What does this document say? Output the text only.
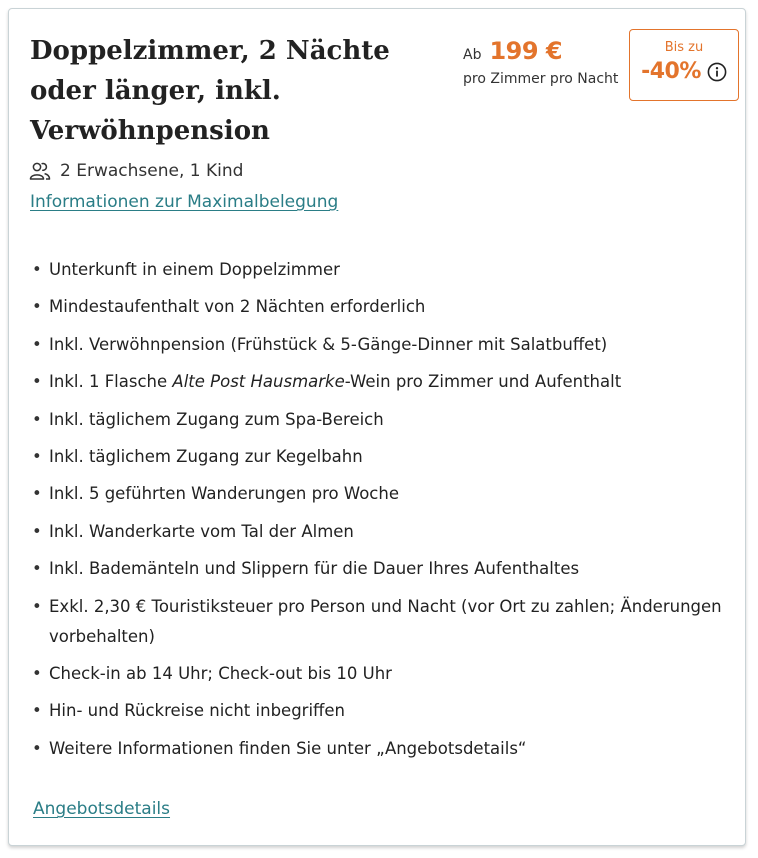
Doppelzimmer, 2 Nächte oder länger, inkl. Verwöhnpension
Ab 199 €
pro Zimmer pro Nacht
Bis zu
-40%
2 Erwachsene, 1 Kind
Informationen zur Maximalbelegung
• Unterkunft in einem Doppelzimmer
• Mindestaufenthalt von 2 Nächten erforderlich
• Inkl. Verwöhnpension (Frühstück & 5-Gänge-Dinner mit Salatbuffet)
• Inkl. 1 Flasche Alte Post Hausmarke-Wein pro Zimmer und Aufenthalt
• Inkl. täglichem Zugang zum Spa-Bereich
• Inkl. täglichem Zugang zur Kegelbahn
• Inkl. 5 geführten Wanderungen pro Woche
• Inkl. Wanderkarte vom Tal der Almen
• Inkl. Bademänteln und Slippern für die Dauer Ihres Aufenthaltes
• Exkl. 2,30 € Touristiksteuer pro Person und Nacht (vor Ort zu zahlen; Änderungen vorbehalten)
• Check-in ab 14 Uhr; Check-out bis 10 Uhr
• Hin- und Rückreise nicht inbegriffen
• Weitere Informationen finden Sie unter „Angebotsdetails“
Angebotsdetails
